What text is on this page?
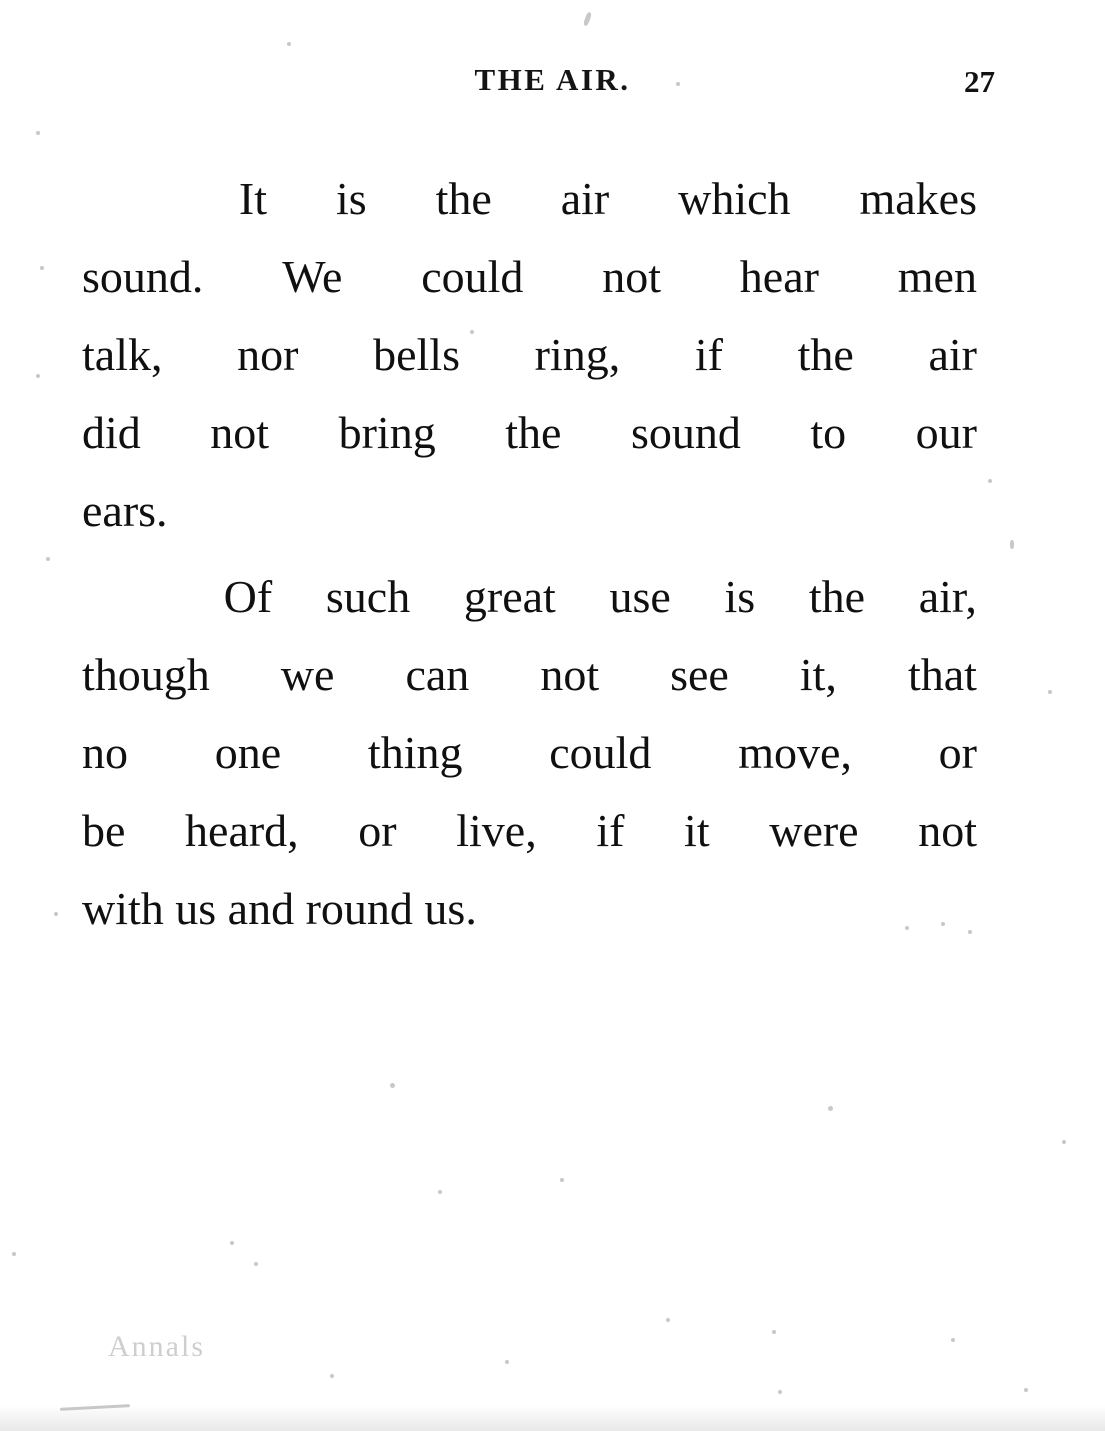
THE AIR.	27

It is the air which makes
sound. We could not hear men
talk, nor bells ring, if the air
did not bring the sound to our
ears.

Of such great use is the air,
though we can not see it, that
no one thing could move, or
be heard, or live, if it were not
with us and round us.

Annals
